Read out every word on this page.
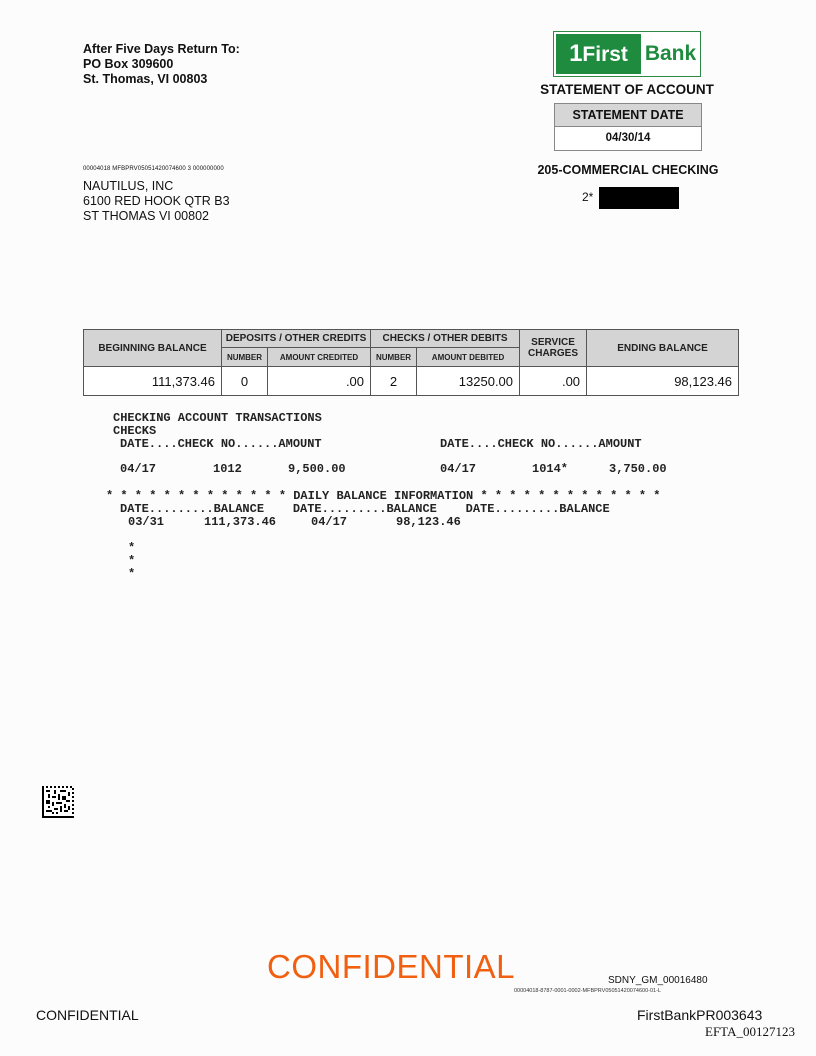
After Five Days Return To:
PO Box 309600
St. Thomas, VI 00803
1First Bank
STATEMENT OF ACCOUNT
STATEMENT DATE
04/30/14
205-COMMERCIAL CHECKING
2*
00004018 MFBPRV05051420074600 3 000000000
NAUTILUS, INC
6100 RED HOOK QTR B3
ST THOMAS VI 00802
BEGINNING BALANCE	DEPOSITS / OTHER CREDITS		CHECKS / OTHER DEBITS		SERVICE
CHARGES	ENDING BALANCE
	NUMBER	AMOUNT CREDITED	NUMBER	AMOUNT DEBITED		
111,373.46	0	.00	2	13250.00	.00	98,123.46
CHECKING ACCOUNT TRANSACTIONS
CHECKS
DATE....CHECK NO......AMOUNT	DATE....CHECK NO......AMOUNT
04/17	1012	9,500.00	04/17	1014*	3,750.00
* * * * * * * * * * * * * DAILY BALANCE INFORMATION * * * * * * * * * * * * *
DATE.........BALANCE    DATE.........BALANCE    DATE.........BALANCE
03/31	111,373.46	04/17	98,123.46
*
*
*
CONFIDENTIAL	SDNY_GM_00016480
00004018-8787-0001-0002-MFBPRV05051420074600-01-L
CONFIDENTIAL	FirstBankPR003643
EFTA_00127123
